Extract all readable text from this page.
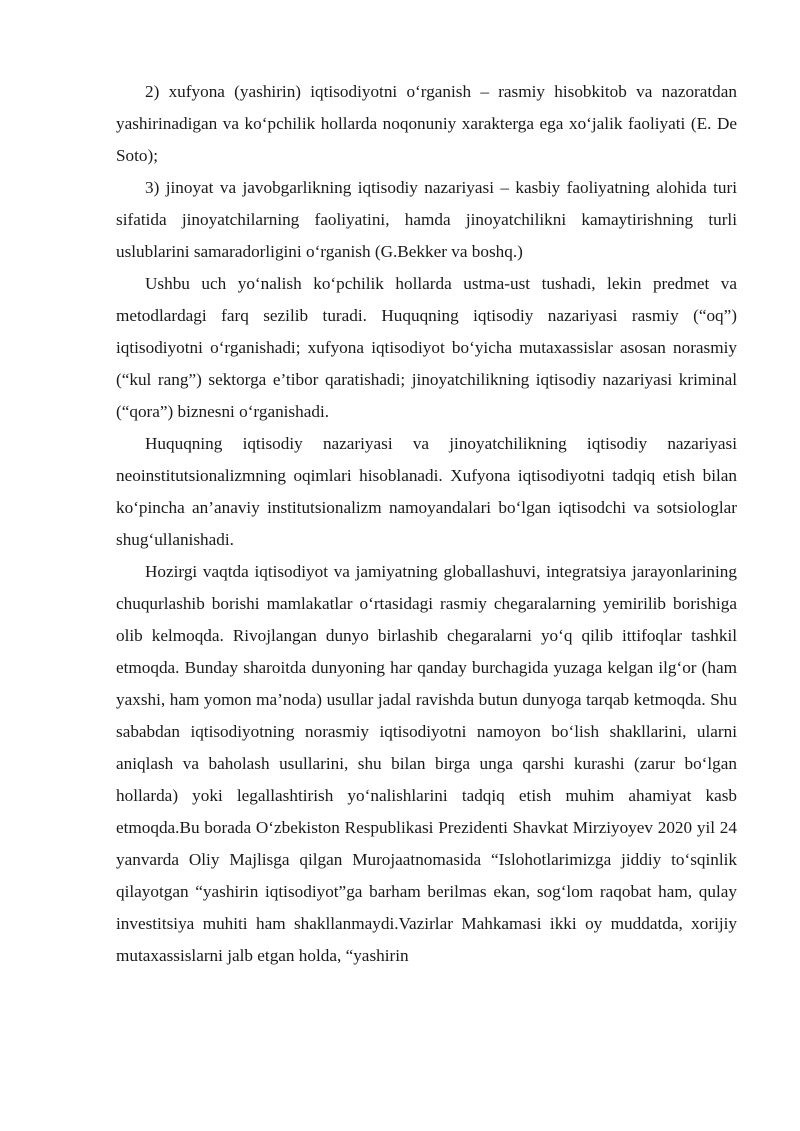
2) xufyona (yashirin) iqtisodiyotni o‘rganish – rasmiy hisobkitob va nazoratdan yashirinadigan va ko‘pchilik hollarda noqonuniy xarakterga ega xo‘jalik faoliyati (E. De Soto);

3) jinoyat va javobgarlikning iqtisodiy nazariyasi – kasbiy faoliyatning alohida turi sifatida jinoyatchilarning faoliyatini, hamda jinoyatchilikni kamaytirishning turli uslublarini samaradorligini o‘rganish (G.Bekker va boshq.)

Ushbu uch yo‘nalish ko‘pchilik hollarda ustma-ust tushadi, lekin predmet va metodlardagi farq sezilib turadi. Huquqning iqtisodiy nazariyasi rasmiy (“oq”) iqtisodiyotni o‘rganishadi; xufyona iqtisodiyot bo‘yicha mutaxassislar asosan norasmiy (“kul rang”) sektorga e’tibor qaratishadi; jinoyatchilikning iqtisodiy nazariyasi kriminal (“qora”) biznesni o‘rganishadi.

Huquqning iqtisodiy nazariyasi va jinoyatchilikning iqtisodiy nazariyasi neoinstitutsionalizmning oqimlari hisoblanadi. Xufyona iqtisodiyotni tadqiq etish bilan ko‘pincha an’anaviy institutsionalizm namoyandalari bo‘lgan iqtisodchi va sotsiologlar shug‘ullanishadi.

Hozirgi vaqtda iqtisodiyot va jamiyatning globallashuvi, integratsiya jarayonlarining chuqurlashib borishi mamlakatlar o‘rtasidagi rasmiy chegaralarning yemirilib borishiga olib kelmoqda. Rivojlangan dunyo birlashib chegaralarni yo‘q qilib ittifoqlar tashkil etmoqda. Bunday sharoitda dunyoning har qanday burchagida yuzaga kelgan ilg‘or (ham yaxshi, ham yomon ma’noda) usullar jadal ravishda butun dunyoga tarqab ketmoqda. Shu sababdan iqtisodiyotning norasmiy iqtisodiyotni namoyon bo‘lish shakllarini, ularni aniqlash va baholash usullarini, shu bilan birga unga qarshi kurashi (zarur bo‘lgan hollarda) yoki legallashtirish yo‘nalishlarini tadqiq etish muhim ahamiyat kasb etmoqda.Bu borada O‘zbekiston Respublikasi Prezidenti Shavkat Mirziyoyev 2020 yil 24 yanvarda Oliy Majlisga qilgan Murojaatnomasida “Islohotlarimizga jiddiy to‘sqinlik qilayotgan “yashirin iqtisodiyot”ga barham berilmas ekan, sog‘lom raqobat ham, qulay investitsiya muhiti ham shakllanmaydi.Vazirlar Mahkamasi ikki oy muddatda, xorijiy mutaxassislarni jalb etgan holda, “yashirin
